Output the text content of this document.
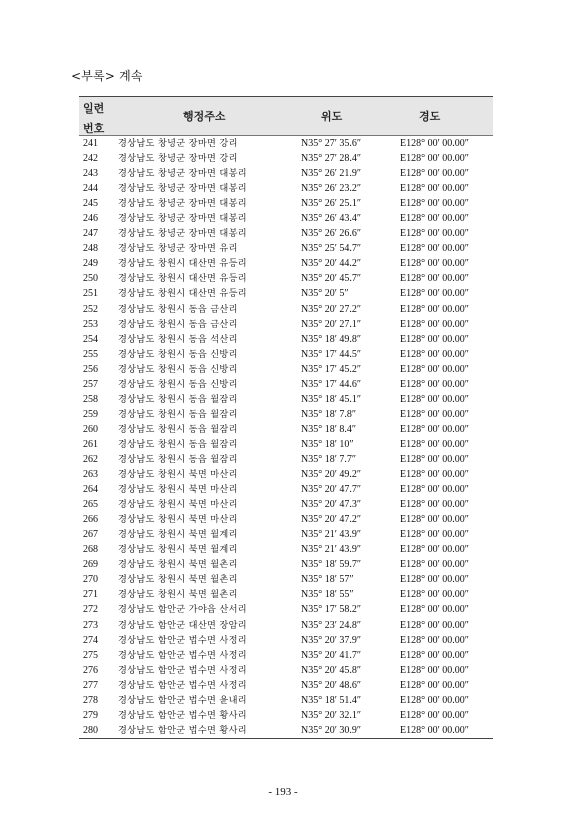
<부록> 계속
일련
번호
행정주소	위도	경도
241 경상남도 창녕군 장마면 강리	N35° 27′ 35.6″	E128° 00′ 00.00″
242 경상남도 창녕군 장마면 강리	N35° 27′ 28.4″	E128° 00′ 00.00″
243 경상남도 창녕군 장마면 대봉리	N35° 26′ 21.9″	E128° 00′ 00.00″
244 경상남도 창녕군 장마면 대봉리	N35° 26′ 23.2″	E128° 00′ 00.00″
245 경상남도 창녕군 장마면 대봉리	N35° 26′ 25.1″	E128° 00′ 00.00″
246 경상남도 창녕군 장마면 대봉리	N35° 26′ 43.4″	E128° 00′ 00.00″
247 경상남도 창녕군 장마면 대봉리	N35° 26′ 26.6″	E128° 00′ 00.00″
248 경상남도 창녕군 장마면 유리	N35° 25′ 54.7″	E128° 00′ 00.00″
249 경상남도 창원시 대산면 유등리	N35° 20′ 44.2″	E128° 00′ 00.00″
250 경상남도 창원시 대산면 유등리	N35° 20′ 45.7″	E128° 00′ 00.00″
251 경상남도 창원시 대산면 유등리	N35° 20′ 5″	E128° 00′ 00.00″
252 경상남도 창원시 동읍 금산리	N35° 20′ 27.2″	E128° 00′ 00.00″
253 경상남도 창원시 동읍 금산리	N35° 20′ 27.1″	E128° 00′ 00.00″
254 경상남도 창원시 동읍 석산리	N35° 18′ 49.8″	E128° 00′ 00.00″
255 경상남도 창원시 동읍 신방리	N35° 17′ 44.5″	E128° 00′ 00.00″
256 경상남도 창원시 동읍 신방리	N35° 17′ 45.2″	E128° 00′ 00.00″
257 경상남도 창원시 동읍 신방리	N35° 17′ 44.6″	E128° 00′ 00.00″
258 경상남도 창원시 동읍 월잠리	N35° 18′ 45.1″	E128° 00′ 00.00″
259 경상남도 창원시 동읍 월잠리	N35° 18′ 7.8″	E128° 00′ 00.00″
260 경상남도 창원시 동읍 월잠리	N35° 18′ 8.4″	E128° 00′ 00.00″
261 경상남도 창원시 동읍 월잠리	N35° 18′ 10″	E128° 00′ 00.00″
262 경상남도 창원시 동읍 월잠리	N35° 18′ 7.7″	E128° 00′ 00.00″
263 경상남도 창원시 북면 마산리	N35° 20′ 49.2″	E128° 00′ 00.00″
264 경상남도 창원시 북면 마산리	N35° 20′ 47.7″	E128° 00′ 00.00″
265 경상남도 창원시 북면 마산리	N35° 20′ 47.3″	E128° 00′ 00.00″
266 경상남도 창원시 북면 마산리	N35° 20′ 47.2″	E128° 00′ 00.00″
267 경상남도 창원시 북면 월계리	N35° 21′ 43.9″	E128° 00′ 00.00″
268 경상남도 창원시 북면 월계리	N35° 21′ 43.9″	E128° 00′ 00.00″
269 경상남도 창원시 북면 월촌리	N35° 18′ 59.7″	E128° 00′ 00.00″
270 경상남도 창원시 북면 월촌리	N35° 18′ 57″	E128° 00′ 00.00″
271 경상남도 창원시 북면 월촌리	N35° 18′ 55″	E128° 00′ 00.00″
272 경상남도 함안군 가야읍 산서리	N35° 17′ 58.2″	E128° 00′ 00.00″
273 경상남도 함안군 대산면 장암리	N35° 23′ 24.8″	E128° 00′ 00.00″
274 경상남도 함안군 법수면 사정리	N35° 20′ 37.9″	E128° 00′ 00.00″
275 경상남도 함안군 법수면 사정리	N35° 20′ 41.7″	E128° 00′ 00.00″
276 경상남도 함안군 법수면 사정리	N35° 20′ 45.8″	E128° 00′ 00.00″
277 경상남도 함안군 법수면 사정리	N35° 20′ 48.6″	E128° 00′ 00.00″
278 경상남도 함안군 법수면 윤내리	N35° 18′ 51.4″	E128° 00′ 00.00″
279 경상남도 함안군 법수면 황사리	N35° 20′ 32.1″	E128° 00′ 00.00″
280 경상남도 함안군 법수면 황사리	N35° 20′ 30.9″	E128° 00′ 00.00″
- 193 -
